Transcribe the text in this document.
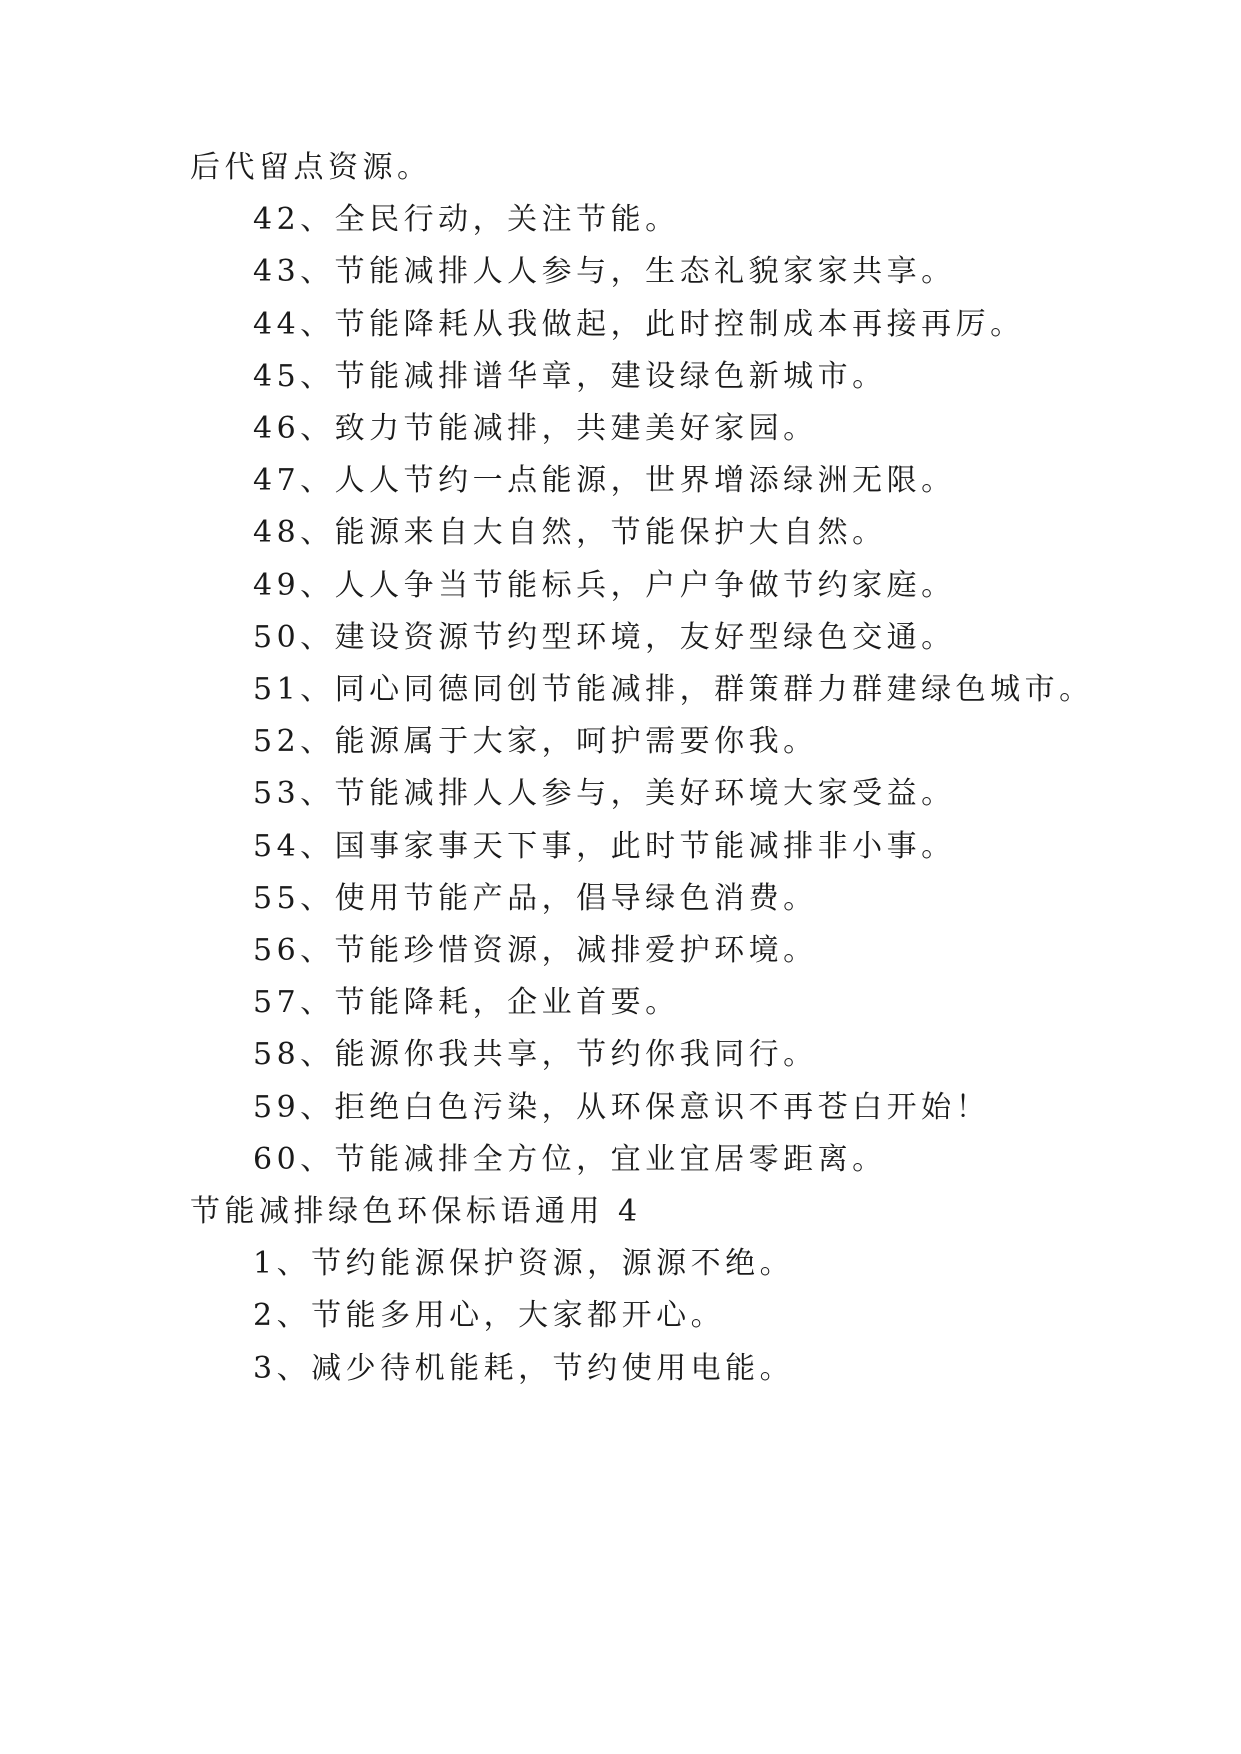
后代留点资源。
42、全民行动，关注节能。
43、节能减排人人参与，生态礼貌家家共享。
44、节能降耗从我做起，此时控制成本再接再厉。
45、节能减排谱华章，建设绿色新城市。
46、致力节能减排，共建美好家园。
47、人人节约一点能源，世界增添绿洲无限。
48、能源来自大自然，节能保护大自然。
49、人人争当节能标兵，户户争做节约家庭。
50、建设资源节约型环境，友好型绿色交通。
51、同心同德同创节能减排，群策群力群建绿色城市。
52、能源属于大家，呵护需要你我。
53、节能减排人人参与，美好环境大家受益。
54、国事家事天下事，此时节能减排非小事。
55、使用节能产品，倡导绿色消费。
56、节能珍惜资源，减排爱护环境。
57、节能降耗，企业首要。
58、能源你我共享，节约你我同行。
59、拒绝白色污染，从环保意识不再苍白开始！
60、节能减排全方位，宜业宜居零距离。
节能减排绿色环保标语通用 4
1、节约能源保护资源，源源不绝。
2、节能多用心，大家都开心。
3、减少待机能耗，节约使用电能。
